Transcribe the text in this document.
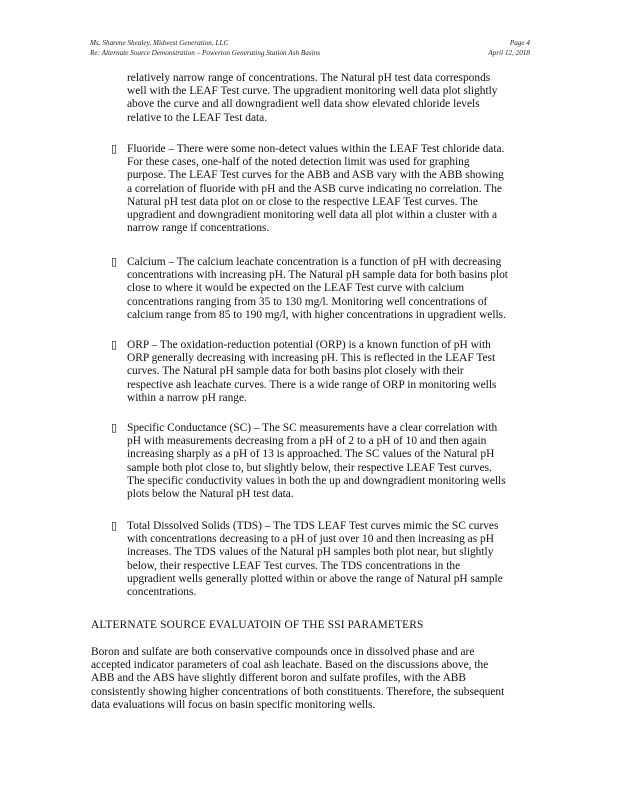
Ms. Sharene Shealey, Midwest Generation, LLC	Page 4
Re: Alternate Source Demonstration – Powerton Generating Station Ash Basins	April 12, 2018

relatively narrow range of concentrations. The Natural pH test data corresponds
well with the LEAF Test curve. The upgradient monitoring well data plot slightly
above the curve and all downgradient well data show elevated chloride levels
relative to the LEAF Test data.

▯ Fluoride – There were some non-detect values within the LEAF Test chloride data.
For these cases, one-half of the noted detection limit was used for graphing
purpose. The LEAF Test curves for the ABB and ASB vary with the ABB showing
a correlation of fluoride with pH and the ASB curve indicating no correlation. The
Natural pH test data plot on or close to the respective LEAF Test curves. The
upgradient and downgradient monitoring well data all plot within a cluster with a
narrow range if concentrations.

▯ Calcium – The calcium leachate concentration is a function of pH with decreasing
concentrations with increasing pH. The Natural pH sample data for both basins plot
close to where it would be expected on the LEAF Test curve with calcium
concentrations ranging from 35 to 130 mg/l. Monitoring well concentrations of
calcium range from 85 to 190 mg/l, with higher concentrations in upgradient wells.

▯ ORP – The oxidation-reduction potential (ORP) is a known function of pH with
ORP generally decreasing with increasing pH. This is reflected in the LEAF Test
curves. The Natural pH sample data for both basins plot closely with their
respective ash leachate curves. There is a wide range of ORP in monitoring wells
within a narrow pH range.

▯ Specific Conductance (SC) – The SC measurements have a clear correlation with
pH with measurements decreasing from a pH of 2 to a pH of 10 and then again
increasing sharply as a pH of 13 is approached. The SC values of the Natural pH
sample both plot close to, but slightly below, their respective LEAF Test curves.
The specific conductivity values in both the up and downgradient monitoring wells
plots below the Natural pH test data.

▯ Total Dissolved Solids (TDS) – The TDS LEAF Test curves mimic the SC curves
with concentrations decreasing to a pH of just over 10 and then increasing as pH
increases. The TDS values of the Natural pH samples both plot near, but slightly
below, their respective LEAF Test curves. The TDS concentrations in the
upgradient wells generally plotted within or above the range of Natural pH sample
concentrations.

ALTERNATE SOURCE EVALUATOIN OF THE SSI PARAMETERS

Boron and sulfate are both conservative compounds once in dissolved phase and are
accepted indicator parameters of coal ash leachate. Based on the discussions above, the
ABB and the ABS have slightly different boron and sulfate profiles, with the ABB
consistently showing higher concentrations of both constituents. Therefore, the subsequent
data evaluations will focus on basin specific monitoring wells.
